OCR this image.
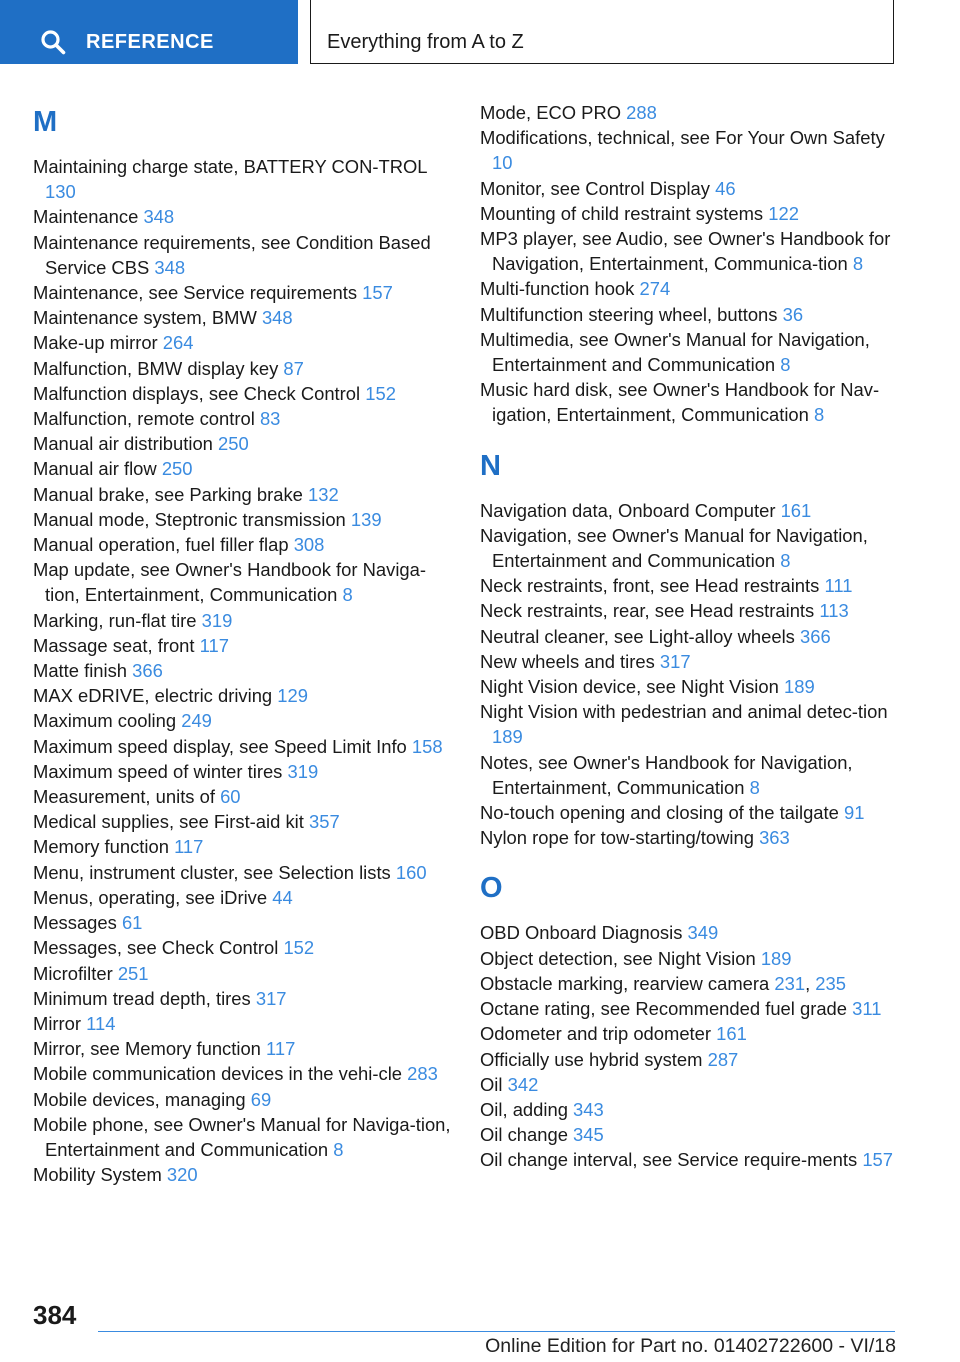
REFERENCE	Everything from A to Z
M
Maintaining charge state, BATTERY CON-TROL 130
Maintenance 348
Maintenance requirements, see Condition Based Service CBS 348
Maintenance, see Service requirements 157
Maintenance system, BMW 348
Make-up mirror 264
Malfunction, BMW display key 87
Malfunction displays, see Check Control 152
Malfunction, remote control 83
Manual air distribution 250
Manual air flow 250
Manual brake, see Parking brake 132
Manual mode, Steptronic transmission 139
Manual operation, fuel filler flap 308
Map update, see Owner's Handbook for Naviga-tion, Entertainment, Communication 8
Marking, run-flat tire 319
Massage seat, front 117
Matte finish 366
MAX eDRIVE, electric driving 129
Maximum cooling 249
Maximum speed display, see Speed Limit Info 158
Maximum speed of winter tires 319
Measurement, units of 60
Medical supplies, see First-aid kit 357
Memory function 117
Menu, instrument cluster, see Selection lists 160
Menus, operating, see iDrive 44
Messages 61
Messages, see Check Control 152
Microfilter 251
Minimum tread depth, tires 317
Mirror 114
Mirror, see Memory function 117
Mobile communication devices in the vehi-cle 283
Mobile devices, managing 69
Mobile phone, see Owner's Manual for Naviga-tion, Entertainment and Communication 8
Mobility System 320
Mode, ECO PRO 288
Modifications, technical, see For Your Own Safety 10
Monitor, see Control Display 46
Mounting of child restraint systems 122
MP3 player, see Audio, see Owner's Handbook for Navigation, Entertainment, Communica-tion 8
Multi-function hook 274
Multifunction steering wheel, buttons 36
Multimedia, see Owner's Manual for Navigation, Entertainment and Communication 8
Music hard disk, see Owner's Handbook for Nav-igation, Entertainment, Communication 8
N
Navigation data, Onboard Computer 161
Navigation, see Owner's Manual for Navigation, Entertainment and Communication 8
Neck restraints, front, see Head restraints 111
Neck restraints, rear, see Head restraints 113
Neutral cleaner, see Light-alloy wheels 366
New wheels and tires 317
Night Vision device, see Night Vision 189
Night Vision with pedestrian and animal detec-tion 189
Notes, see Owner's Handbook for Navigation, Entertainment, Communication 8
No-touch opening and closing of the tailgate 91
Nylon rope for tow-starting/towing 363
O
OBD Onboard Diagnosis 349
Object detection, see Night Vision 189
Obstacle marking, rearview camera 231, 235
Octane rating, see Recommended fuel grade 311
Odometer and trip odometer 161
Officially use hybrid system 287
Oil 342
Oil, adding 343
Oil change 345
Oil change interval, see Service require-ments 157
384
Online Edition for Part no. 01402722600 - VI/18
